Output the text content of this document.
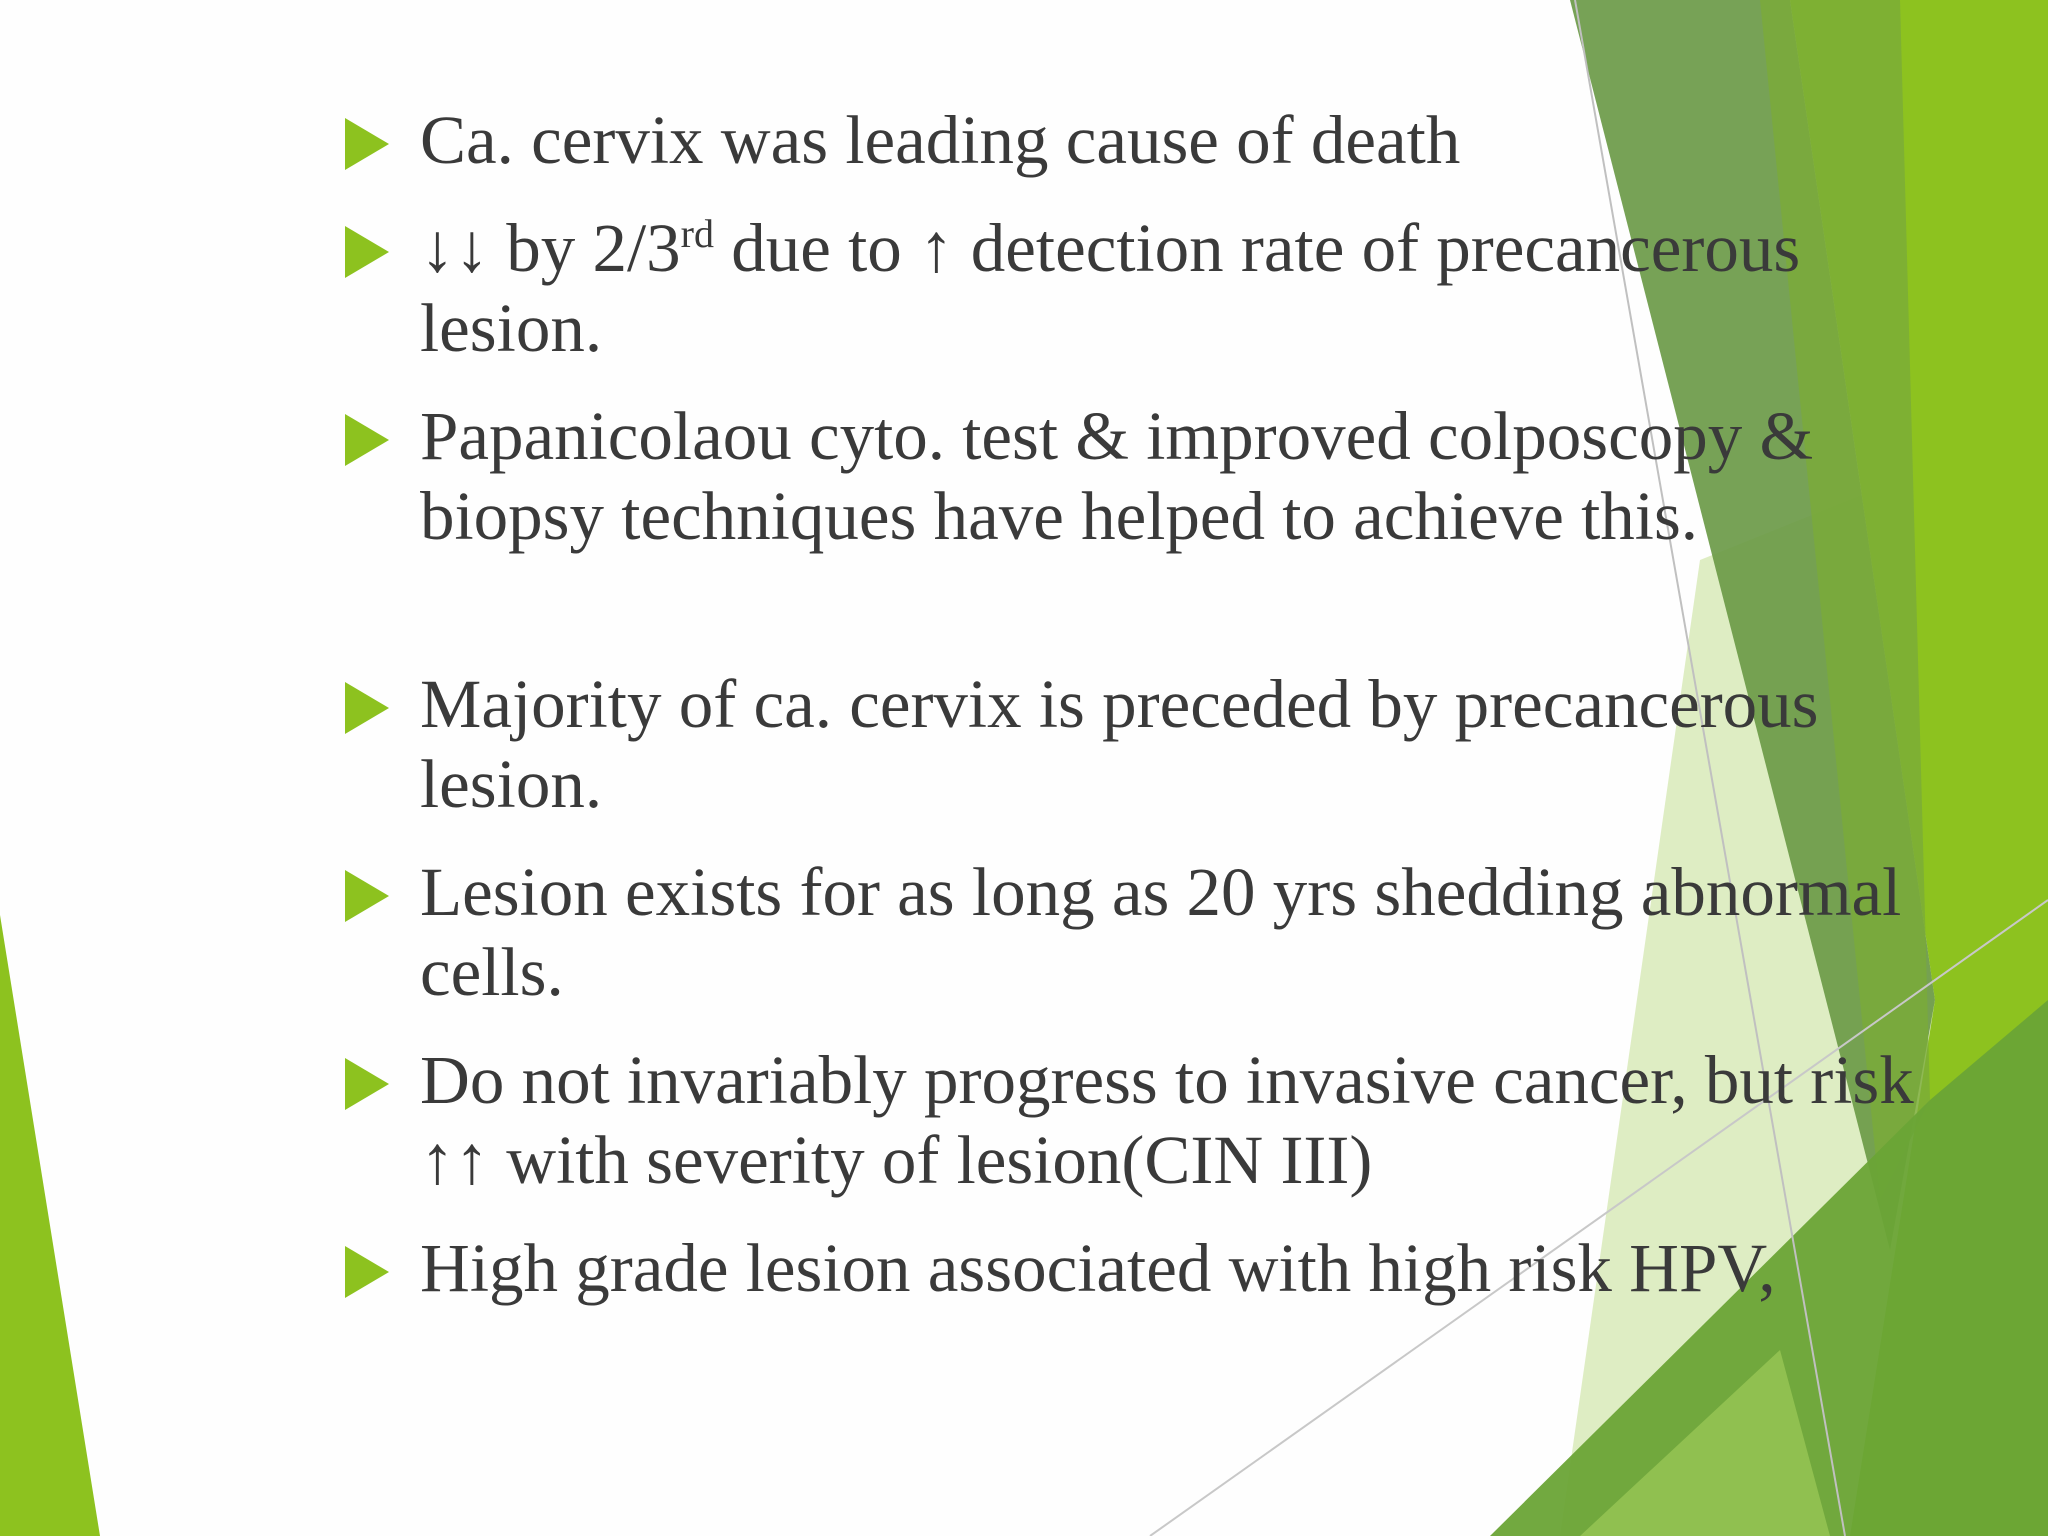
Ca. cervix was leading cause of death
↓↓ by 2/3rd due to ↑ detection rate of precancerous lesion.
Papanicolaou cyto. test & improved colposcopy & biopsy techniques have helped to achieve this.
Majority of ca. cervix is preceded by precancerous lesion.
Lesion exists for as long as 20 yrs shedding abnormal cells.
Do not invariably progress to invasive cancer, but risk ↑↑ with severity of lesion(CIN III)
High grade lesion associated with high risk HPV,
